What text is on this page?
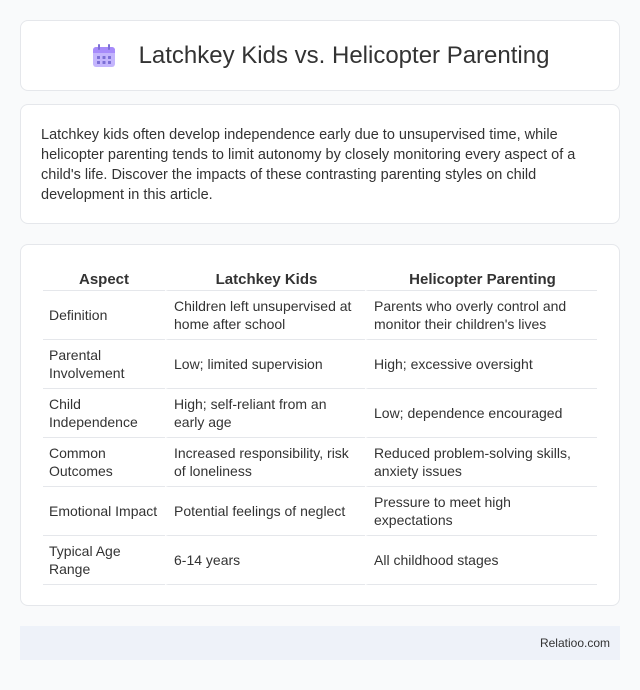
Latchkey Kids vs. Helicopter Parenting

Latchkey kids often develop independence early due to unsupervised time, while helicopter parenting tends to limit autonomy by closely monitoring every aspect of a child's life. Discover the impacts of these contrasting parenting styles on child development in this article.

Aspect	Latchkey Kids	Helicopter Parenting
Definition	Children left unsupervised at home after school	Parents who overly control and monitor their children's lives
Parental Involvement	Low; limited supervision	High; excessive oversight
Child Independence	High; self-reliant from an early age	Low; dependence encouraged
Common Outcomes	Increased responsibility, risk of loneliness	Reduced problem-solving skills, anxiety issues
Emotional Impact	Potential feelings of neglect	Pressure to meet high expectations
Typical Age Range	6-14 years	All childhood stages
Relatioo.com
